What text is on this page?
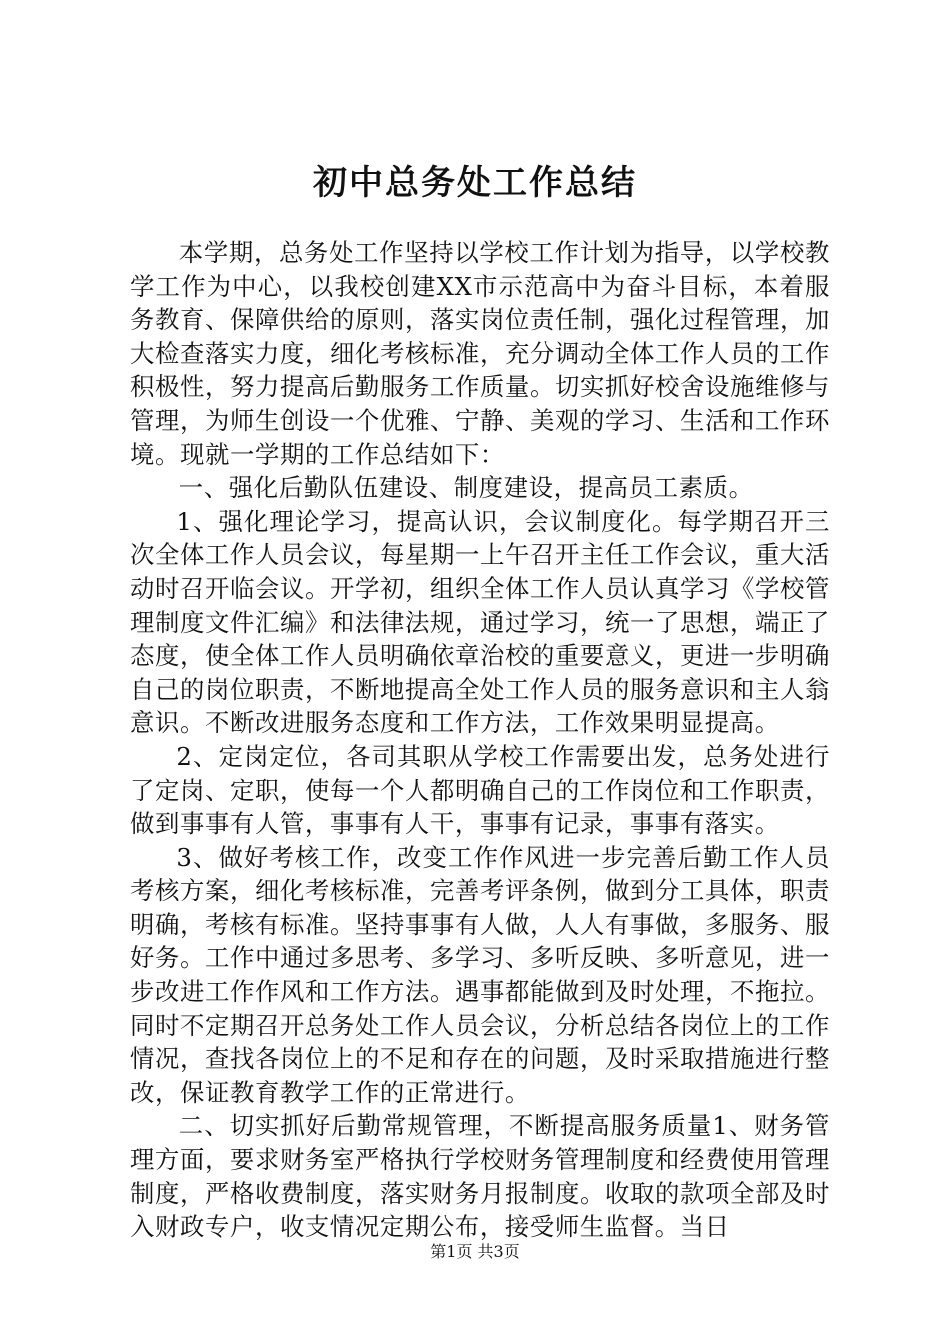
初中总务处工作总结

本学期，总务处工作坚持以学校工作计划为指导，以学校教学工作为中心，以我校创建XX市示范高中为奋斗目标，本着服务教育、保障供给的原则，落实岗位责任制，强化过程管理，加大检查落实力度，细化考核标准，充分调动全体工作人员的工作积极性，努力提高后勤服务工作质量。切实抓好校舍设施维修与管理，为师生创设一个优雅、宁静、美观的学习、生活和工作环境。现就一学期的工作总结如下：

一、强化后勤队伍建设、制度建设，提高员工素质。

1、强化理论学习，提高认识，会议制度化。每学期召开三次全体工作人员会议，每星期一上午召开主任工作会议，重大活动时召开临会议。开学初，组织全体工作人员认真学习《学校管理制度文件汇编》和法律法规，通过学习，统一了思想，端正了态度，使全体工作人员明确依章治校的重要意义，更进一步明确自己的岗位职责，不断地提高全处工作人员的服务意识和主人翁意识。不断改进服务态度和工作方法，工作效果明显提高。

2、定岗定位，各司其职从学校工作需要出发，总务处进行了定岗、定职，使每一个人都明确自己的工作岗位和工作职责，做到事事有人管，事事有人干，事事有记录，事事有落实。

3、做好考核工作，改变工作作风进一步完善后勤工作人员考核方案，细化考核标准，完善考评条例，做到分工具体，职责明确，考核有标准。坚持事事有人做，人人有事做，多服务、服好务。工作中通过多思考、多学习、多听反映、多听意见，进一步改进工作作风和工作方法。遇事都能做到及时处理，不拖拉。同时不定期召开总务处工作人员会议，分析总结各岗位上的工作情况，查找各岗位上的不足和存在的问题，及时采取措施进行整改，保证教育教学工作的正常进行。

二、切实抓好后勤常规管理，不断提高服务质量1、财务管理方面，要求财务室严格执行学校财务管理制度和经费使用管理制度，严格收费制度，落实财务月报制度。收取的款项全部及时入财政专户，收支情况定期公布，接受师生监督。当日

第1页 共3页
